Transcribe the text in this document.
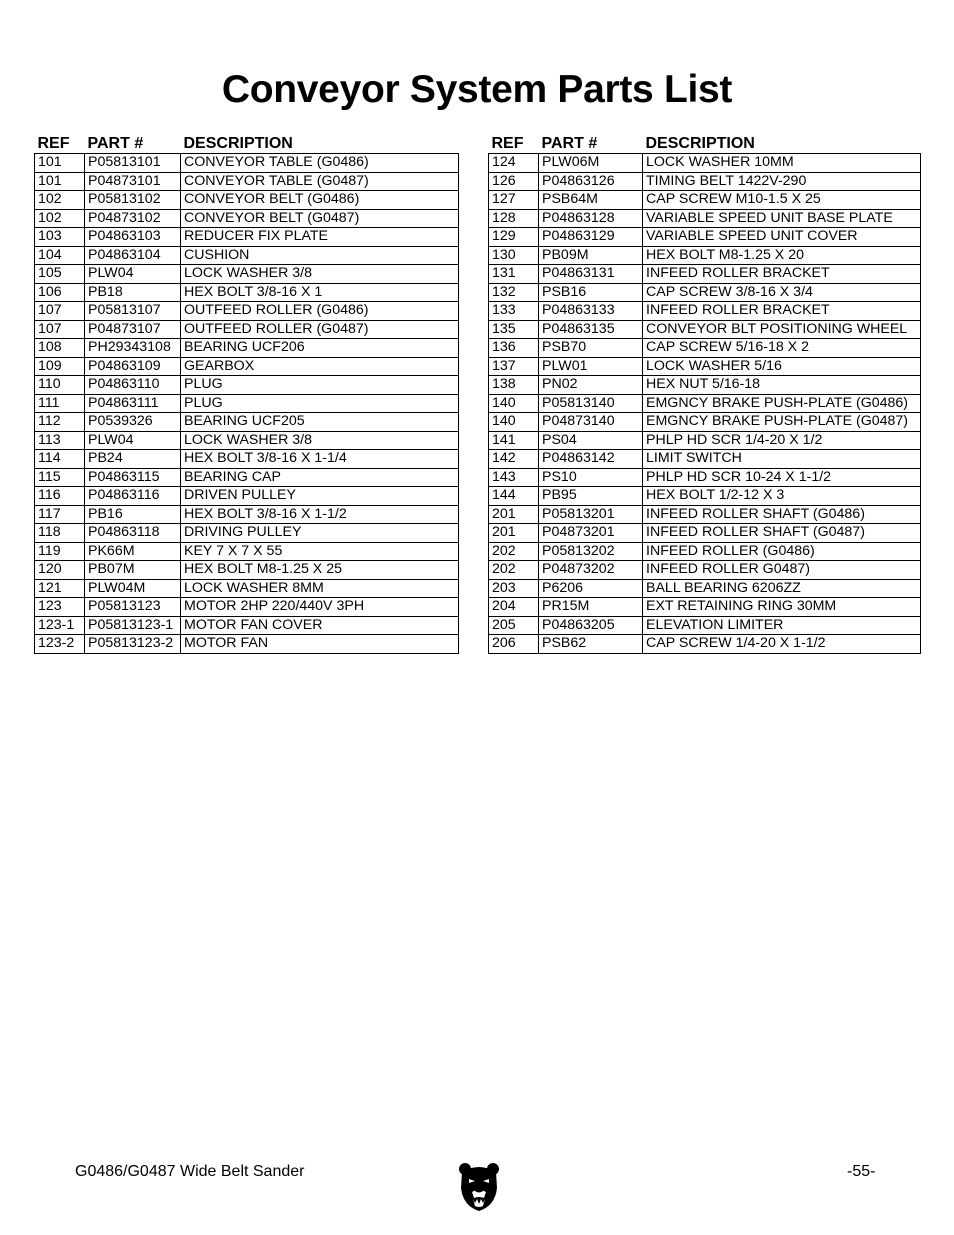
Conveyor System Parts List
REF	PART #	DESCRIPTION
101	P05813101	CONVEYOR TABLE (G0486)
101	P04873101	CONVEYOR TABLE (G0487)
102	P05813102	CONVEYOR BELT (G0486)
102	P04873102	CONVEYOR BELT (G0487)
103	P04863103	REDUCER FIX PLATE
104	P04863104	CUSHION
105	PLW04	LOCK WASHER 3/8
106	PB18	HEX BOLT 3/8-16 X 1
107	P05813107	OUTFEED ROLLER (G0486)
107	P04873107	OUTFEED ROLLER (G0487)
108	PH29343108	BEARING UCF206
109	P04863109	GEARBOX
110	P04863110	PLUG
111	P04863111	PLUG
112	P0539326	BEARING UCF205
113	PLW04	LOCK WASHER 3/8
114	PB24	HEX BOLT 3/8-16 X 1-1/4
115	P04863115	BEARING CAP
116	P04863116	DRIVEN PULLEY
117	PB16	HEX BOLT 3/8-16 X 1-1/2
118	P04863118	DRIVING PULLEY
119	PK66M	KEY 7 X 7 X 55
120	PB07M	HEX BOLT M8-1.25 X 25
121	PLW04M	LOCK WASHER 8MM
123	P05813123	MOTOR 2HP 220/440V 3PH
123-1	P05813123-1	MOTOR FAN COVER
123-2	P05813123-2	MOTOR FAN
REF	PART #	DESCRIPTION
124	PLW06M	LOCK WASHER 10MM
126	P04863126	TIMING BELT 1422V-290
127	PSB64M	CAP SCREW M10-1.5 X 25
128	P04863128	VARIABLE SPEED UNIT BASE PLATE
129	P04863129	VARIABLE SPEED UNIT COVER
130	PB09M	HEX BOLT M8-1.25 X 20
131	P04863131	INFEED ROLLER BRACKET
132	PSB16	CAP SCREW 3/8-16 X 3/4
133	P04863133	INFEED ROLLER BRACKET
135	P04863135	CONVEYOR BLT POSITIONING WHEEL
136	PSB70	CAP SCREW 5/16-18 X 2
137	PLW01	LOCK WASHER 5/16
138	PN02	HEX NUT 5/16-18
140	P05813140	EMGNCY BRAKE PUSH-PLATE (G0486)
140	P04873140	EMGNCY BRAKE PUSH-PLATE (G0487)
141	PS04	PHLP HD SCR 1/4-20 X 1/2
142	P04863142	LIMIT SWITCH
143	PS10	PHLP HD SCR 10-24 X 1-1/2
144	PB95	HEX BOLT 1/2-12 X 3
201	P05813201	INFEED ROLLER SHAFT (G0486)
201	P04873201	INFEED ROLLER SHAFT (G0487)
202	P05813202	INFEED ROLLER (G0486)
202	P04873202	INFEED ROLLER G0487)
203	P6206	BALL BEARING 6206ZZ
204	PR15M	EXT RETAINING RING 30MM
205	P04863205	ELEVATION LIMITER
206	PSB62	CAP SCREW 1/4-20 X 1-1/2
G0486/G0487 Wide Belt Sander	-55-
